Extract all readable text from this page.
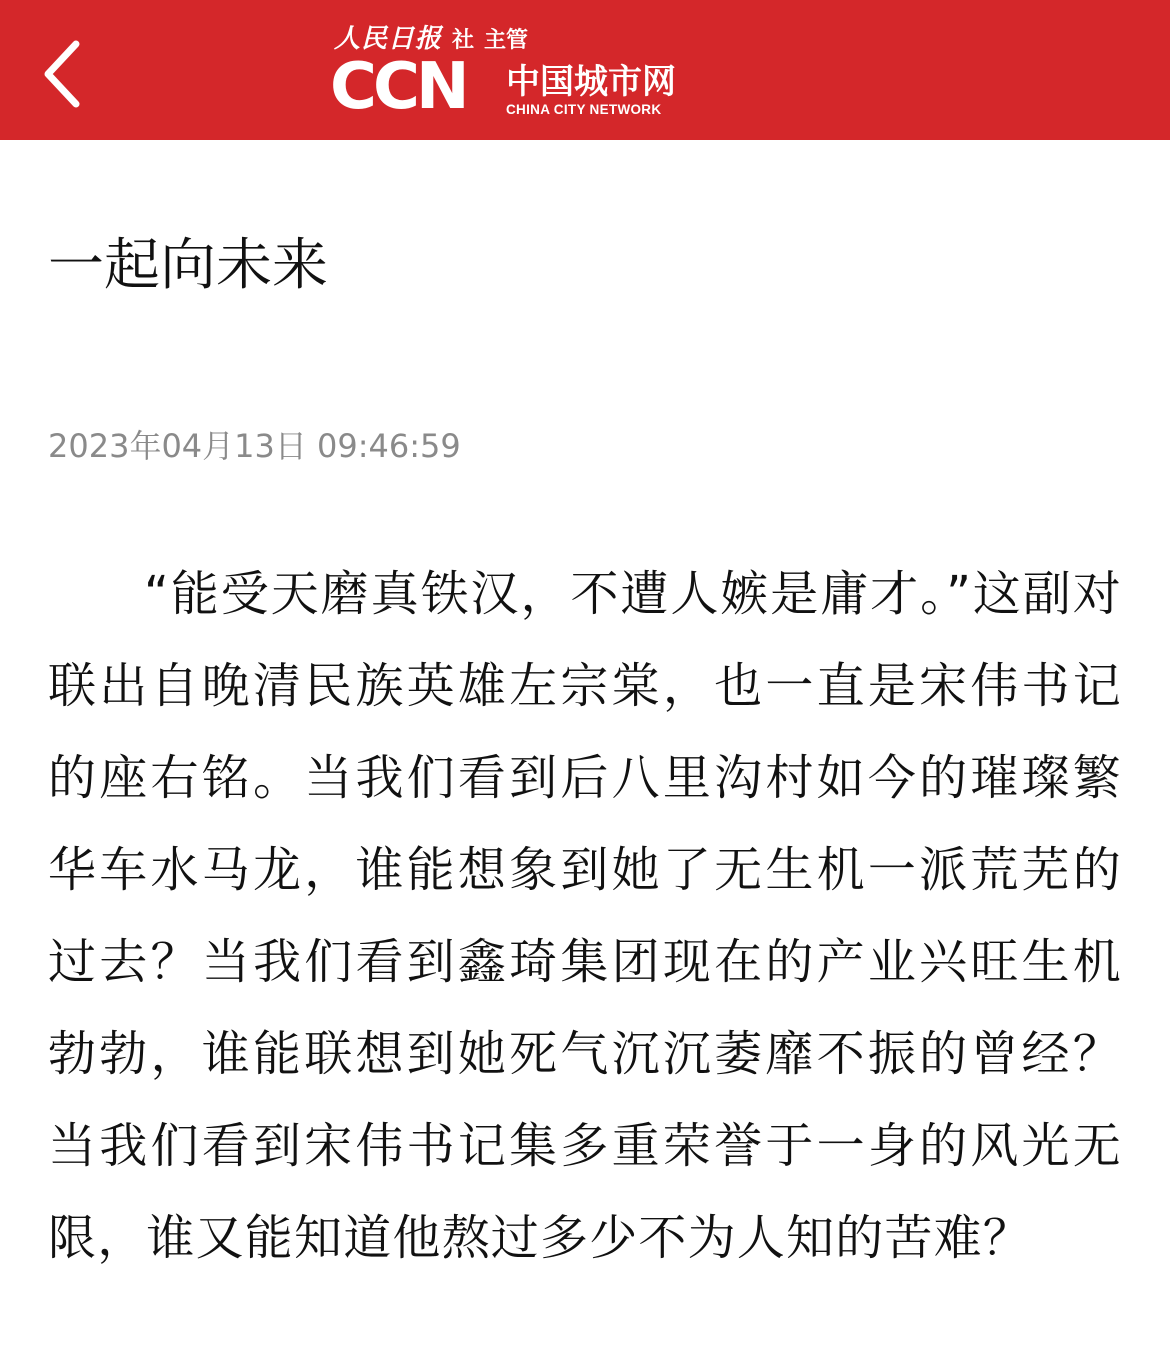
人民日报 社 主管
CCN 中国城市网
CHINA CITY NETWORK
一起向未来
2023年04月13日 09:46:59

“能受天磨真铁汉，不遭人嫉是庸才。”这副对联出自晚清民族英雄左宗棠，也一直是宋伟书记的座右铭。当我们看到后八里沟村如今的璀璨繁华车水马龙，谁能想象到她了无生机一派荒芜的过去？当我们看到鑫琦集团现在的产业兴旺生机勃勃，谁能联想到她死气沉沉萎靡不振的曾经？当我们看到宋伟书记集多重荣誉于一身的风光无限，谁又能知道他熬过多少不为人知的苦难？
